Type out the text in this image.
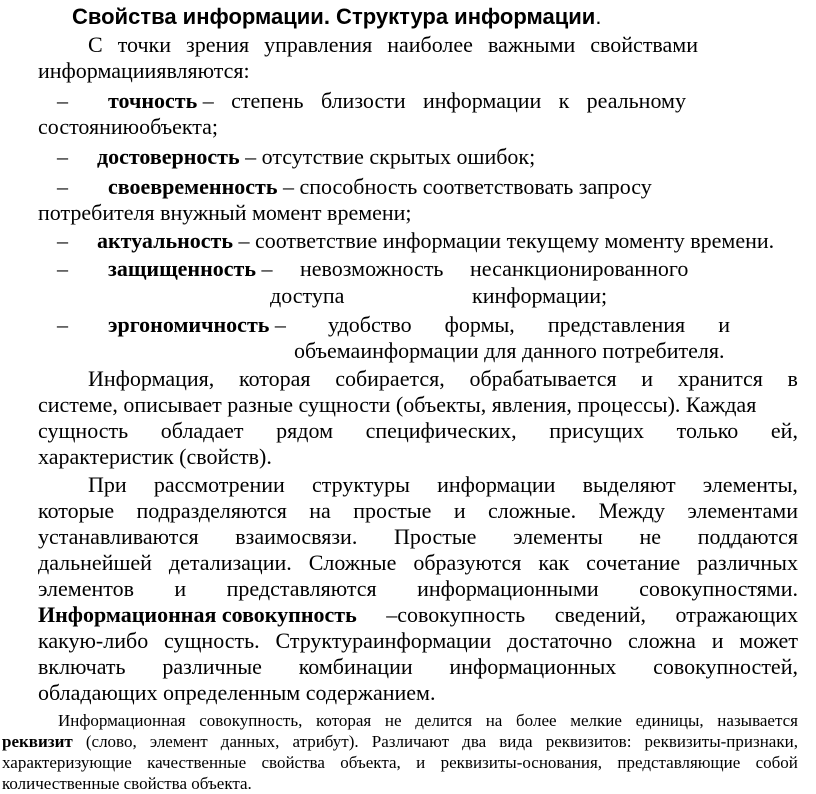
Свойства информации. Структура информации.
С точки зрения управления наиболее важными свойствами
информацииявляются:
– точность – степень близости информации к реальному
состояниюобъекта;
– достоверность – отсутствие скрытых ошибок;
– своевременность – способность соответствовать запросу
потребителя внужный момент времени;
– актуальность – соответствие информации текущему моменту времени.
– защищенность – невозможность несанкционированного
доступа	кинформации;
– эргономичность – удобство формы, представления и
объемаинформации для данного потребителя.
Информация, которая собирается, обрабатывается и хранится в
системе, описывает разные сущности (объекты, явления, процессы). Каждая
сущность обладает рядом специфических, присущих только ей,
характеристик (свойств).
При рассмотрении структуры информации выделяют элементы,
которые подразделяются на простые и сложные. Между элементами
устанавливаются взаимосвязи. Простые элементы не поддаются
дальнейшей детализации. Сложные образуются как сочетание различных
элементов и представляются информационными совокупностями.
Информационная совокупность –совокупность сведений, отражающих
какую-либо сущность. Структураинформации достаточно сложна и может
включать различные комбинации информационных совокупностей,
обладающих определенным содержанием.
Информационная совокупность, которая не делится на более мелкие единицы, называется
реквизит (слово, элемент данных, атрибут). Различают два вида реквизитов: реквизиты-признаки,
характеризующие качественные свойства объекта, и реквизиты-основания, представляющие собой
количественные свойства объекта.
